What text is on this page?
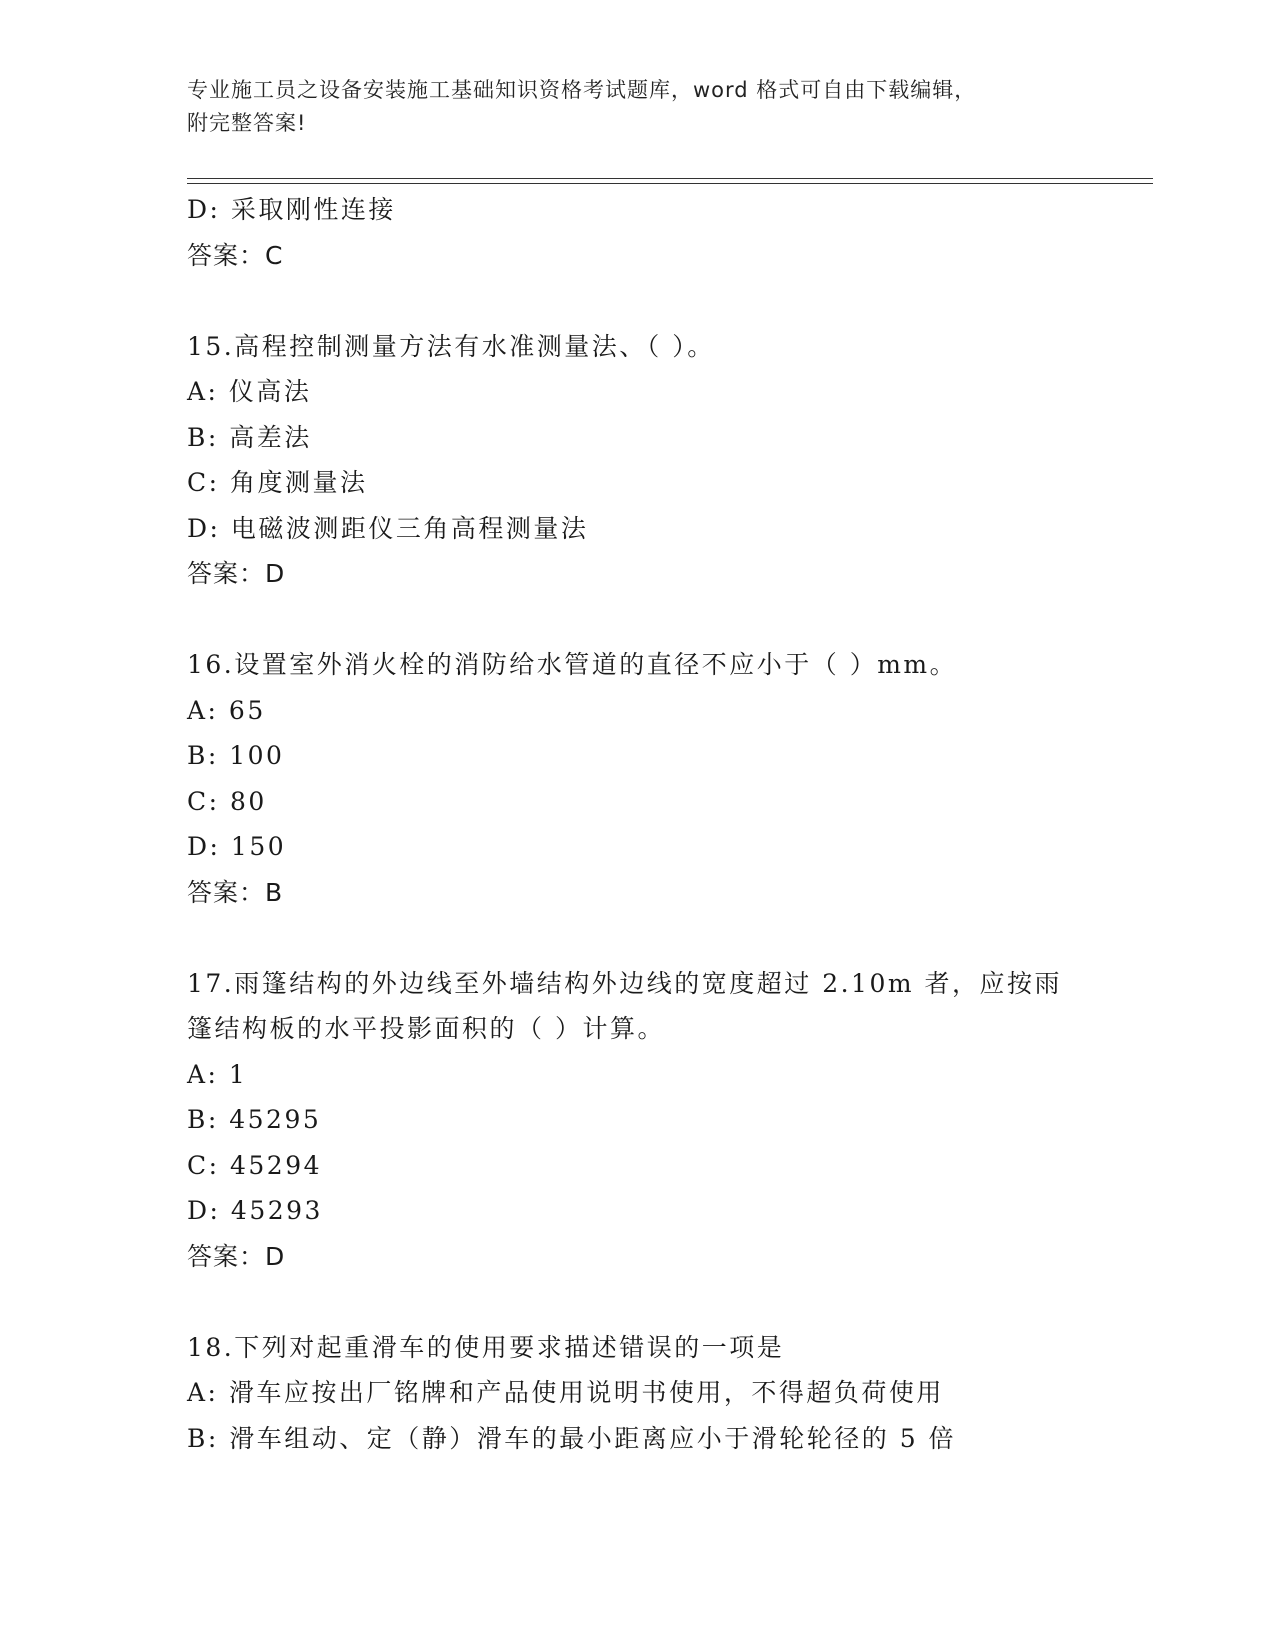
专业施工员之设备安装施工基础知识资格考试题库，word 格式可自由下载编辑，
附完整答案!
D: 采取刚性连接
答案：C
15.高程控制测量方法有水准测量法、（ ）。
A: 仪高法
B: 高差法
C: 角度测量法
D: 电磁波测距仪三角高程测量法
答案：D
16.设置室外消火栓的消防给水管道的直径不应小于（ ）mm。
A: 65
B: 100
C: 80
D: 150
答案：B
17.雨篷结构的外边线至外墙结构外边线的宽度超过 2.10m 者，应按雨
篷结构板的水平投影面积的（ ）计算。
A: 1
B: 45295
C: 45294
D: 45293
答案：D
18.下列对起重滑车的使用要求描述错误的一项是
A: 滑车应按出厂铭牌和产品使用说明书使用，不得超负荷使用
B: 滑车组动、定（静）滑车的最小距离应小于滑轮轮径的 5 倍
